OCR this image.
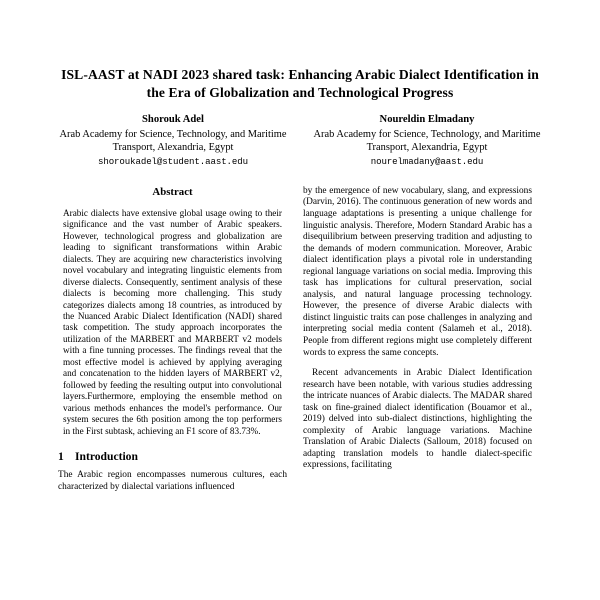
ISL-AAST at NADI 2023 shared task: Enhancing Arabic Dialect Identification in the Era of Globalization and Technological Progress
Shorouk Adel
Arab Academy for Science, Technology, and Maritime Transport, Alexandria, Egypt
shoroukadel@student.aast.edu
Noureldin Elmadany
Arab Academy for Science, Technology, and Maritime Transport, Alexandria, Egypt
nourelmadany@aast.edu
Abstract

Arabic dialects have extensive global usage owing to their significance and the vast number of Arabic speakers. However, technological progress and globalization are leading to significant transformations within Arabic dialects. They are acquiring new characteristics involving novel vocabulary and integrating linguistic elements from diverse dialects. Consequently, sentiment analysis of these dialects is becoming more challenging. This study categorizes dialects among 18 countries, as introduced by the Nuanced Arabic Dialect Identification (NADI) shared task competition. The study approach incorporates the utilization of the MARBERT and MARBERT v2 models with a fine tunning processes. The findings reveal that the most effective model is achieved by applying averaging and concatenation to the hidden layers of MARBERT v2, followed by feeding the resulting output into convolutional layers.Furthermore, employing the ensemble method on various methods enhances the model's performance. Our system secures the 6th position among the top performers in the First subtask, achieving an F1 score of 83.73%.

1 Introduction

The Arabic region encompasses numerous cultures, each characterized by dialectal variations influenced

by the emergence of new vocabulary, slang, and expressions (Darvin, 2016). The continuous generation of new words and language adaptations is presenting a unique challenge for linguistic analysis. Therefore, Modern Standard Arabic has a disequilibrium between preserving tradition and adjusting to the demands of modern communication. Moreover, Arabic dialect identification plays a pivotal role in understanding regional language variations on social media. Improving this task has implications for cultural preservation, social analysis, and natural language processing technology. However, the presence of diverse Arabic dialects with distinct linguistic traits can pose challenges in analyzing and interpreting social media content (Salameh et al., 2018). People from different regions might use completely different words to express the same concepts.

Recent advancements in Arabic Dialect Identification research have been notable, with various studies addressing the intricate nuances of Arabic dialects. The MADAR shared task on fine-grained dialect identification (Bouamor et al., 2019) delved into sub-dialect distinctions, highlighting the complexity of Arabic language variations. Machine Translation of Arabic Dialects (Salloum, 2018) focused on adapting translation models to handle dialect-specific expressions, facilitating
